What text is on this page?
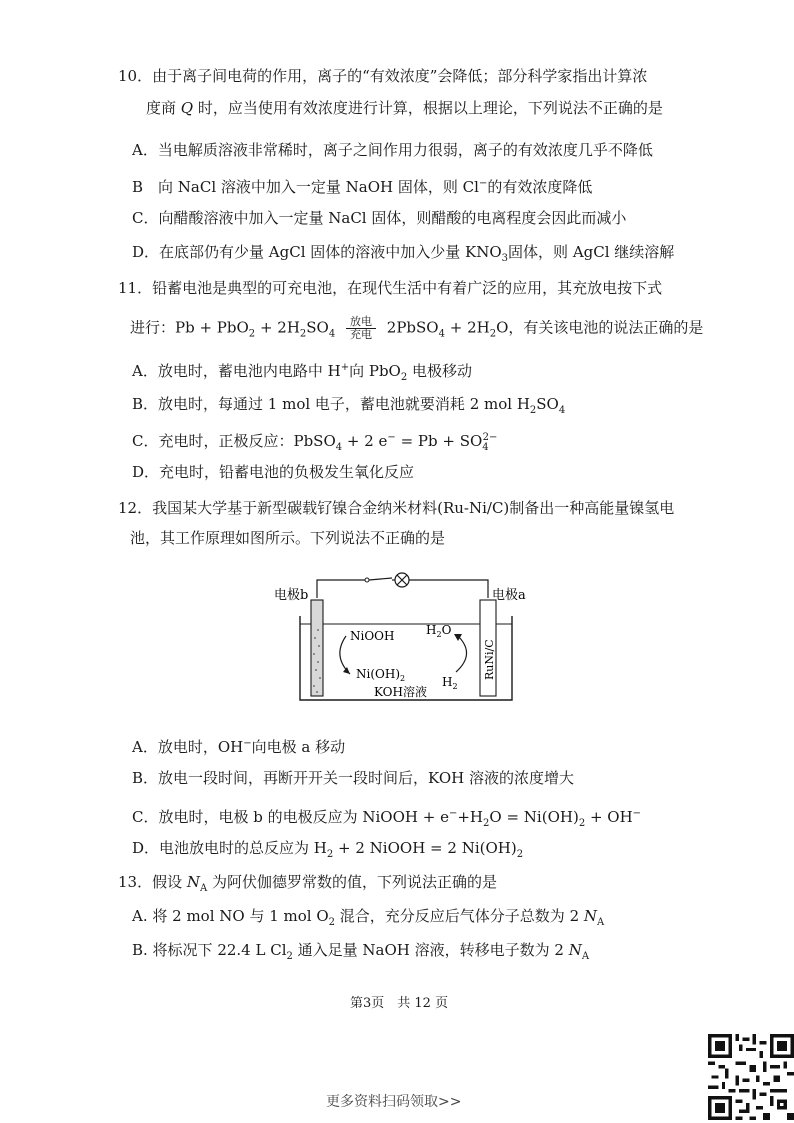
10．由于离子间电荷的作用，离子的“有效浓度”会降低；部分科学家指出计算浓
度商 Q 时，应当使用有效浓度进行计算，根据以上理论，下列说法不正确的是
A．当电解质溶液非常稀时，离子之间作用力很弱，离子的有效浓度几乎不降低
B　向 NaCl 溶液中加入一定量 NaOH 固体，则 Cl−的有效浓度降低
C．向醋酸溶液中加入一定量 NaCl 固体，则醋酸的电离程度会因此而减小
D．在底部仍有少量 AgCl 固体的溶液中加入少量 $KNO_3$固体，则 AgCl 继续溶解
11．铅蓄电池是典型的可充电池，在现代生活中有着广泛的应用，其充放电按下式
进行：$Pb + PbO_2 + 2H_2SO_4 \frac{\text{放电}}{\text{充电}}$ 2PbSO$_4$ + $2H_2O$，有关该电池的说法正确的是
A．放电时，蓄电池内电路中 H+向 PbO$_2$ 电极移动
B．放电时，每通过 1 mol 电子，蓄电池就要消耗 2 mol $H_2SO_4$
C．充电时，正极反应：PbSO$_4$ + 2 $e^- = Pb + SO_4^{2-}$
D．充电时，铅蓄电池的负极发生氧化反应
12．我国某大学基于新型碳载钌镍合金纳米材料(Ru-Ni/C)制备出一种高能量镍氢电
池，其工作原理如图所示。下列说法不正确的是
电极b	电极a
RuNi/C
NiOOH
$Ni(OH)_2$
$H_2O$
$H_2$
KOH溶液
A．放电时，OH−向电极 a 移动
B．放电一段时间，再断开开关一段时间后，KOH 溶液的浓度增大
C．放电时，电极 b 的电极反应为 NiOOH + $e^-+H_2O = Ni(OH)_2 + OH^-$
D．电池放电时的总反应为 $H_2 + 2$ NiOOH = 2 $Ni(OH)_2$
13．假设 $N_A$ 为阿伏伽德罗常数的值，下列说法正确的是
A. 将 2 mol NO 与 1 mol $O_2$ 混合，充分反应后气体分子总数为 2 $N_A$
B. 将标况下 22.4 L $Cl_2$ 通入足量 NaOH 溶液，转移电子数为 2 $N_A$
第3页　共 12 页
更多资料扫码领取>>
